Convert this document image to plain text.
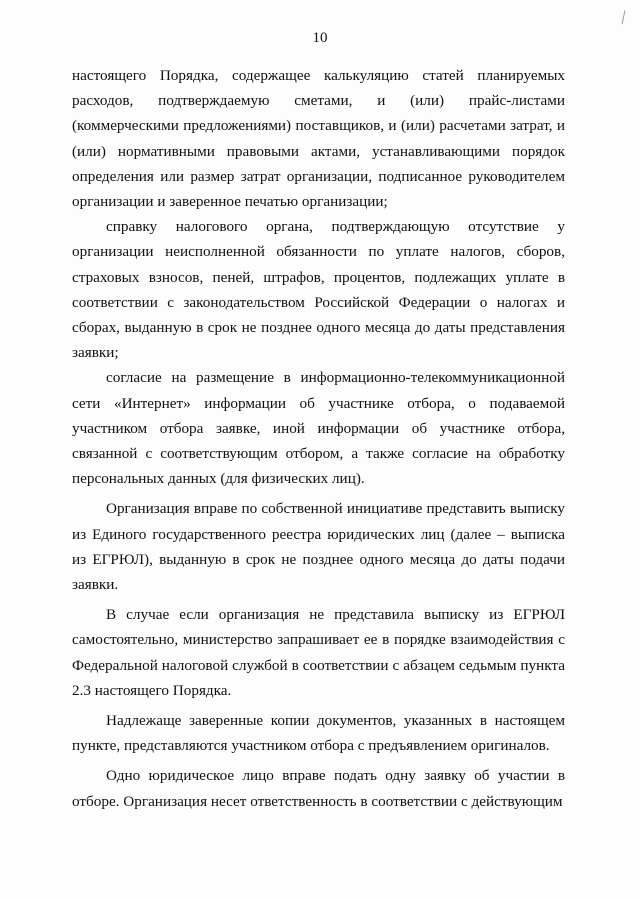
10

настоящего Порядка, содержащее калькуляцию статей планируемых расходов, подтверждаемую сметами, и (или) прайс-листами (коммерческими предложениями) поставщиков, и (или) расчетами затрат, и (или) нормативными правовыми актами, устанавливающими порядок определения или размер затрат организации, подписанное руководителем организации и заверенное печатью организации;

справку налогового органа, подтверждающую отсутствие у организации неисполненной обязанности по уплате налогов, сборов, страховых взносов, пеней, штрафов, процентов, подлежащих уплате в соответствии с законодательством Российской Федерации о налогах и сборах, выданную в срок не позднее одного месяца до даты представления заявки;

согласие на размещение в информационно-телекоммуникационной сети «Интернет» информации об участнике отбора, о подаваемой участником отбора заявке, иной информации об участнике отбора, связанной с соответствующим отбором, а также согласие на обработку персональных данных (для физических лиц).

Организация вправе по собственной инициативе представить выписку из Единого государственного реестра юридических лиц (далее – выписка из ЕГРЮЛ), выданную в срок не позднее одного месяца до даты подачи заявки.

В случае если организация не представила выписку из ЕГРЮЛ самостоятельно, министерство запрашивает ее в порядке взаимодействия с Федеральной налоговой службой в соответствии с абзацем седьмым пункта 2.3 настоящего Порядка.

Надлежаще заверенные копии документов, указанных в настоящем пункте, представляются участником отбора с предъявлением оригиналов.

Одно юридическое лицо вправе подать одну заявку об участии в отборе. Организация несет ответственность в соответствии с действующим
